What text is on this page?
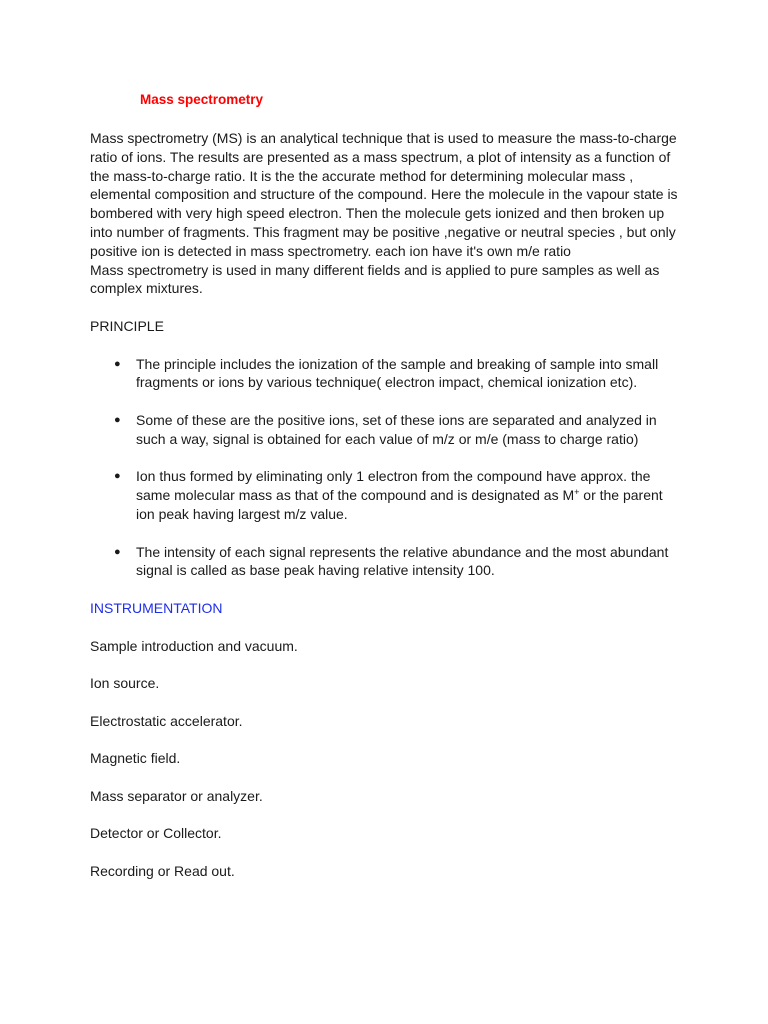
Mass spectrometry

Mass spectrometry (MS) is an analytical technique that is used to measure the mass-to-charge ratio of ions. The results are presented as a mass spectrum, a plot of intensity as a function of the mass-to-charge ratio. It is the the accurate method for determining molecular mass , elemental composition and structure of the compound. Here the molecule in the vapour state is bombered with very high speed electron. Then the molecule gets ionized and then broken up into number of fragments. This fragment may be positive ,negative or neutral species , but only positive ion is detected in mass spectrometry. each ion have it's own m/e ratio

Mass spectrometry is used in many different fields and is applied to pure samples as well as complex mixtures.

PRINCIPLE
● The principle includes the ionization of the sample and breaking of sample into small fragments or ions by various technique( electron impact, chemical ionization etc).
● Some of these are the positive ions, set of these ions are separated and analyzed in such a way, signal is obtained for each value of m/z or m/e (mass to charge ratio)
● Ion thus formed by eliminating only 1 electron from the compound have approx. the same molecular mass as that of the compound and is designated as M+ or the parent ion peak having largest m/z value.
● The intensity of each signal represents the relative abundance and the most abundant signal is called as base peak having relative intensity 100.
INSTRUMENTATION

Sample introduction and vacuum.

Ion source.

Electrostatic accelerator.

Magnetic field.

Mass separator or analyzer.

Detector or Collector.

Recording or Read out.
